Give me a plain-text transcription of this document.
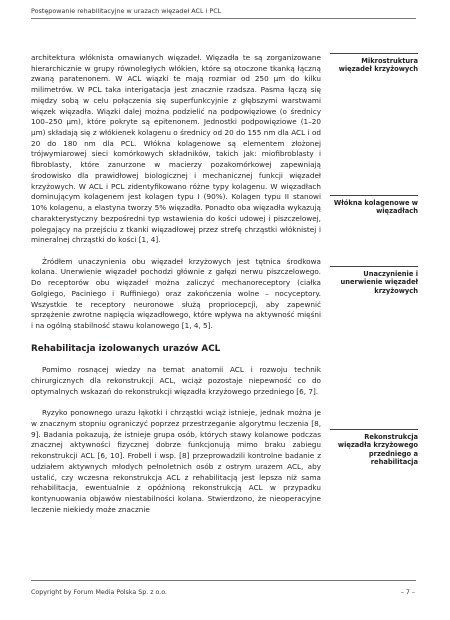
Postępowanie rehabilitacyjne w urazach więzadeł ACL i PCL

architektura włóknista omawianych więzadeł. Więzadła te są zorganizowane hierarchicznie w grupy równoległych włókien, które są otoczone tkanką łączną zwaną paratenonem. W ACL wiązki te mają rozmiar od 250 µm do kilku milimetrów. W PCL taka interigatacja jest znacznie rzadsza. Pasma łączą się między sobą w celu połączenia się superfunkcyjnie z głębszymi warstwami więzek więzadła. Wiązki dalej można podzielić na podpowięziowe (o średnicy 100–250 µm), które pokryte są epitenonem. Jednostki podpowięziowe (1–20 µm) składają się z włókienek kolagenu o średnicy od 20 do 155 nm dla ACL i od 20 do 180 nm dla PCL. Włókna kolagenowe są elementem złożonej trójwymiarowej sieci komórkowych składników, takich jak: miofibroblasty i fibroblasty, które zanurzone w macierzy pozakomórkowej zapewniają środowisko dla prawidłowej biologicznej i mechanicznej funkcji więzadeł krzyżowych. W ACL i PCL zidentyfikowano różne typy kolagenu. W więzadłach dominującym kolagenem jest kolagen typu I (90%). Kolagen typu II stanowi 10% kolagenu, a elastyna tworzy 5% więzadła. Ponadto oba więzadła wykazują charakterystyczny bezpośredni typ wstawienia do kości udowej i piszczelowej, polegający na przejściu z tkanki więzadłowej przez strefę chrząstki włóknistej i mineralnej chrząstki do kości [1, 4].

Źródłem unaczynienia obu więzadeł krzyżowych jest tętnica środkowa kolana. Unerwienie więzadeł pochodzi głównie z gałęzi nerwu piszczelowego. Do receptorów obu więzadeł można zaliczyć mechanoreceptory (ciałka Golgiego, Paciniego i Ruffiniego) oraz zakończenia wolne – nocyceptory. Wszystkie te receptory neuronowe służą propriocepcji, aby zapewnić sprzężenie zwrotne napięcia więzadłowego, które wpływa na aktywność mięśni i na ogólną stabilność stawu kolanowego [1, 4, 5].

Rehabilitacja izolowanych urazów ACL

Pomimo rosnącej wiedzy na temat anatomii ACL i rozwoju technik chirurgicznych dla rekonstrukcji ACL, wciąż pozostaje niepewność co do optymalnych wskazań do rekonstrukcji więzadła krzyżowego przedniego [6, 7].

Ryzyko ponownego urazu łąkotki i chrząstki wciąż istnieje, jednak można je w znacznym stopniu ograniczyć poprzez przestrzeganie algorytmu leczenia [8, 9]. Badania pokazują, że istnieje grupa osób, których stawy kolanowe podczas znacznej aktywności fizycznej dobrze funkcjonują mimo braku zabiegu rekonstrukcji ACL [6, 10]. Frobell i wsp. [8] przeprowadzili kontrolne badanie z udziałem aktywnych młodych pełnoletnich osób z ostrym urazem ACL, aby ustalić, czy wczesna rekonstrukcja ACL z rehabilitacją jest lepsza niż sama rehabilitacja, ewentualnie z opóźnioną rekonstrukcją ACL w przypadku kontynuowania objawów niestabilności kolana. Stwierdzono, że nieoperacyjne leczenie niekiedy może znacznie

Mikrostruktura więzadeł krzyżowych
Włókna kolagenowe w więzadłach
Unaczynienie i unerwienie więzadeł krzyżowych
Rekonstrukcja więzadła krzyżowego przedniego a rehabilitacja
Copyright by Forum Media Polska Sp. z o.o.	– 7 –
